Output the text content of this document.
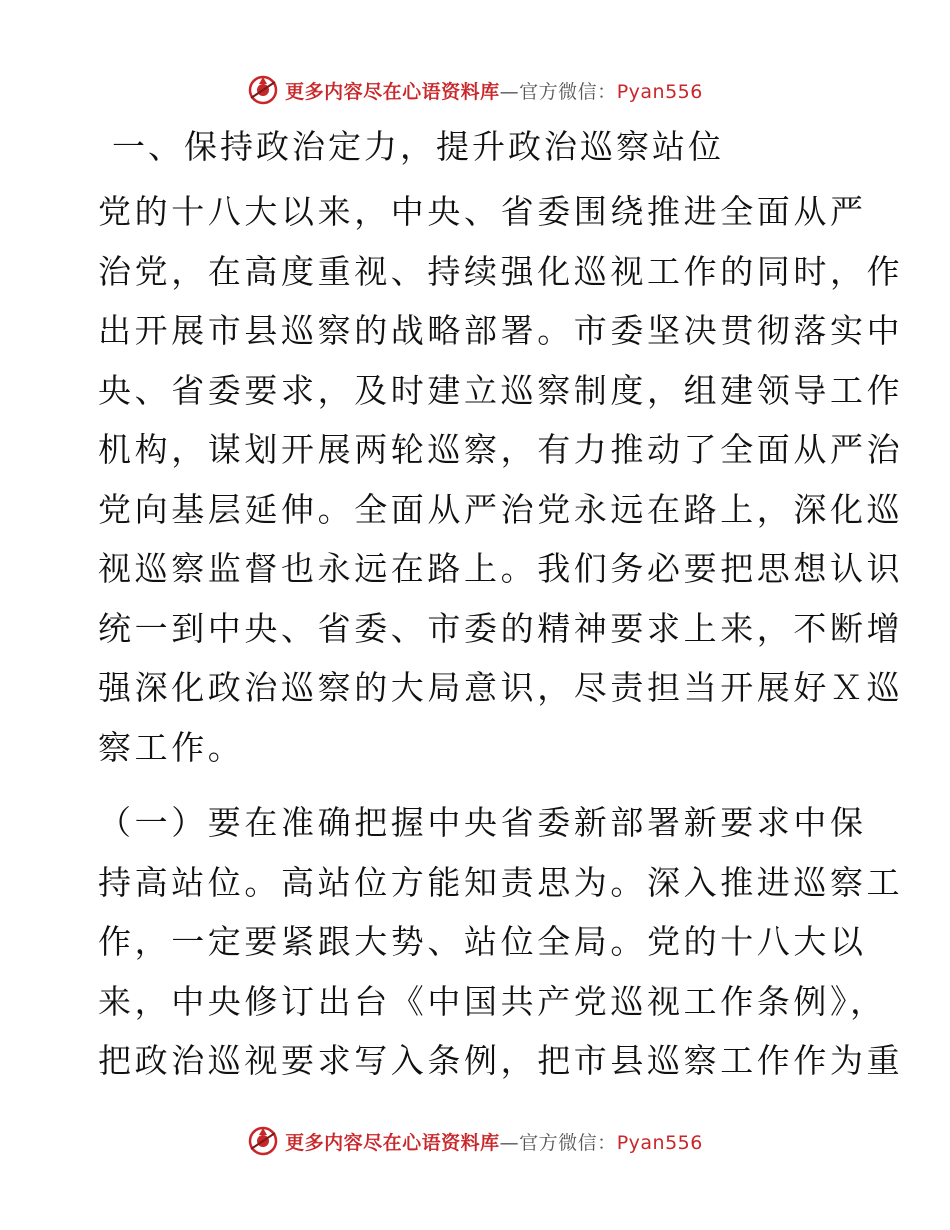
更多内容尽在心语资料库—官方微信：Pyan556
一、保持政治定力，提升政治巡察站位
党的十八大以来，中央、省委围绕推进全面从严
治党，在高度重视、持续强化巡视工作的同时，作
出开展市县巡察的战略部署。市委坚决贯彻落实中
央、省委要求，及时建立巡察制度，组建领导工作
机构，谋划开展两轮巡察，有力推动了全面从严治
党向基层延伸。全面从严治党永远在路上，深化巡
视巡察监督也永远在路上。我们务必要把思想认识
统一到中央、省委、市委的精神要求上来，不断增
强深化政治巡察的大局意识，尽责担当开展好Ｘ巡
察工作。
（一）要在准确把握中央省委新部署新要求中保
持高站位。高站位方能知责思为。深入推进巡察工
作，一定要紧跟大势、站位全局。党的十八大以
来，中央修订出台《中国共产党巡视工作条例》，
把政治巡视要求写入条例，把市县巡察工作作为重
更多内容尽在心语资料库—官方微信：Pyan556
